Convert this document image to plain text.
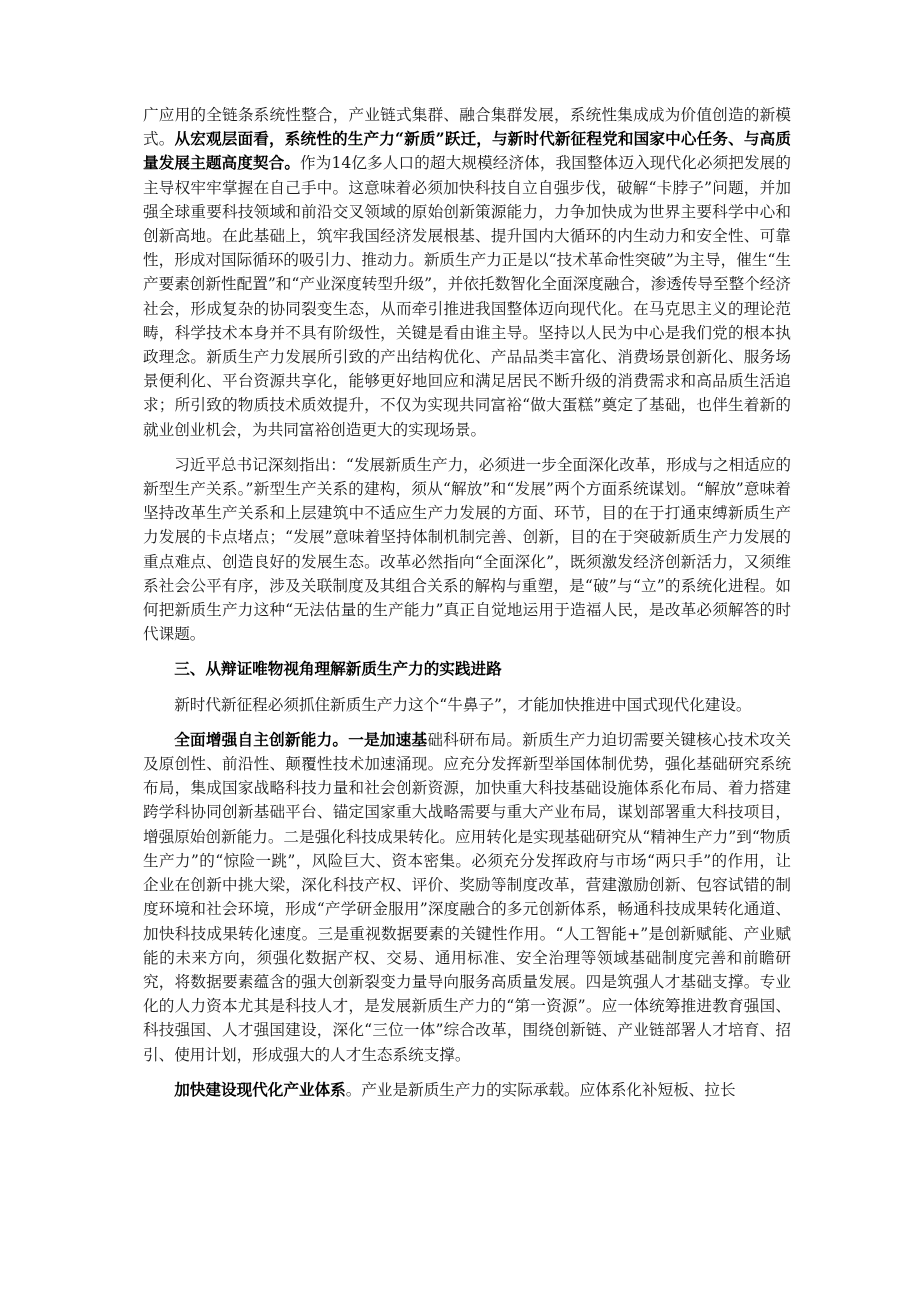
广应用的全链条系统性整合，产业链式集群、融合集群发展，系统性集成成为价值创造的新模式。从宏观层面看，系统性的生产力“新质”跃迁，与新时代新征程党和国家中心任务、与高质量发展主题高度契合。作为14亿多人口的超大规模经济体，我国整体迈入现代化必须把发展的主导权牢牢掌握在自己手中。这意味着必须加快科技自立自强步伐，破解“卡脖子”问题，并加强全球重要科技领域和前沿交叉领域的原始创新策源能力，力争加快成为世界主要科学中心和创新高地。在此基础上，筑牢我国经济发展根基、提升国内大循环的内生动力和安全性、可靠性，形成对国际循环的吸引力、推动力。新质生产力正是以“技术革命性突破”为主导，催生“生产要素创新性配置”和“产业深度转型升级”，并依托数智化全面深度融合，渗透传导至整个经济社会，形成复杂的协同裂变生态，从而牵引推进我国整体迈向现代化。在马克思主义的理论范畴，科学技术本身并不具有阶级性，关键是看由谁主导。坚持以人民为中心是我们党的根本执政理念。新质生产力发展所引致的产出结构优化、产品品类丰富化、消费场景创新化、服务场景便利化、平台资源共享化，能够更好地回应和满足居民不断升级的消费需求和高品质生活追求；所引致的物质技术质效提升，不仅为实现共同富裕“做大蛋糕”奠定了基础，也伴生着新的就业创业机会，为共同富裕创造更大的实现场景。

习近平总书记深刻指出：“发展新质生产力，必须进一步全面深化改革，形成与之相适应的新型生产关系。”新型生产关系的建构，须从“解放”和“发展”两个方面系统谋划。“解放”意味着坚持改革生产关系和上层建筑中不适应生产力发展的方面、环节，目的在于打通束缚新质生产力发展的卡点堵点；“发展”意味着坚持体制机制完善、创新，目的在于突破新质生产力发展的重点难点、创造良好的发展生态。改革必然指向“全面深化”，既须激发经济创新活力，又须维系社会公平有序，涉及关联制度及其组合关系的解构与重塑，是“破”与“立”的系统化进程。如何把新质生产力这种“无法估量的生产能力”真正自觉地运用于造福人民，是改革必须解答的时代课题。

三、从辩证唯物视角理解新质生产力的实践进路

新时代新征程必须抓住新质生产力这个“牛鼻子”，才能加快推进中国式现代化建设。

全面增强自主创新能力。一是加速基础科研布局。新质生产力迫切需要关键核心技术攻关及原创性、前沿性、颠覆性技术加速涌现。应充分发挥新型举国体制优势，强化基础研究系统布局，集成国家战略科技力量和社会创新资源，加快重大科技基础设施体系化布局、着力搭建跨学科协同创新基础平台、锚定国家重大战略需要与重大产业布局，谋划部署重大科技项目，增强原始创新能力。二是强化科技成果转化。应用转化是实现基础研究从“精神生产力”到“物质生产力”的“惊险一跳”，风险巨大、资本密集。必须充分发挥政府与市场“两只手”的作用，让企业在创新中挑大梁，深化科技产权、评价、奖励等制度改革，营建激励创新、包容试错的制度环境和社会环境，形成“产学研金服用”深度融合的多元创新体系，畅通科技成果转化通道、加快科技成果转化速度。三是重视数据要素的关键性作用。“人工智能+”是创新赋能、产业赋能的未来方向，须强化数据产权、交易、通用标准、安全治理等领域基础制度完善和前瞻研究，将数据要素蕴含的强大创新裂变力量导向服务高质量发展。四是筑强人才基础支撑。专业化的人力资本尤其是科技人才，是发展新质生产力的“第一资源”。应一体统筹推进教育强国、科技强国、人才强国建设，深化“三位一体”综合改革，围绕创新链、产业链部署人才培育、招引、使用计划，形成强大的人才生态系统支撑。

加快建设现代化产业体系。产业是新质生产力的实际承载。应体系化补短板、拉长
